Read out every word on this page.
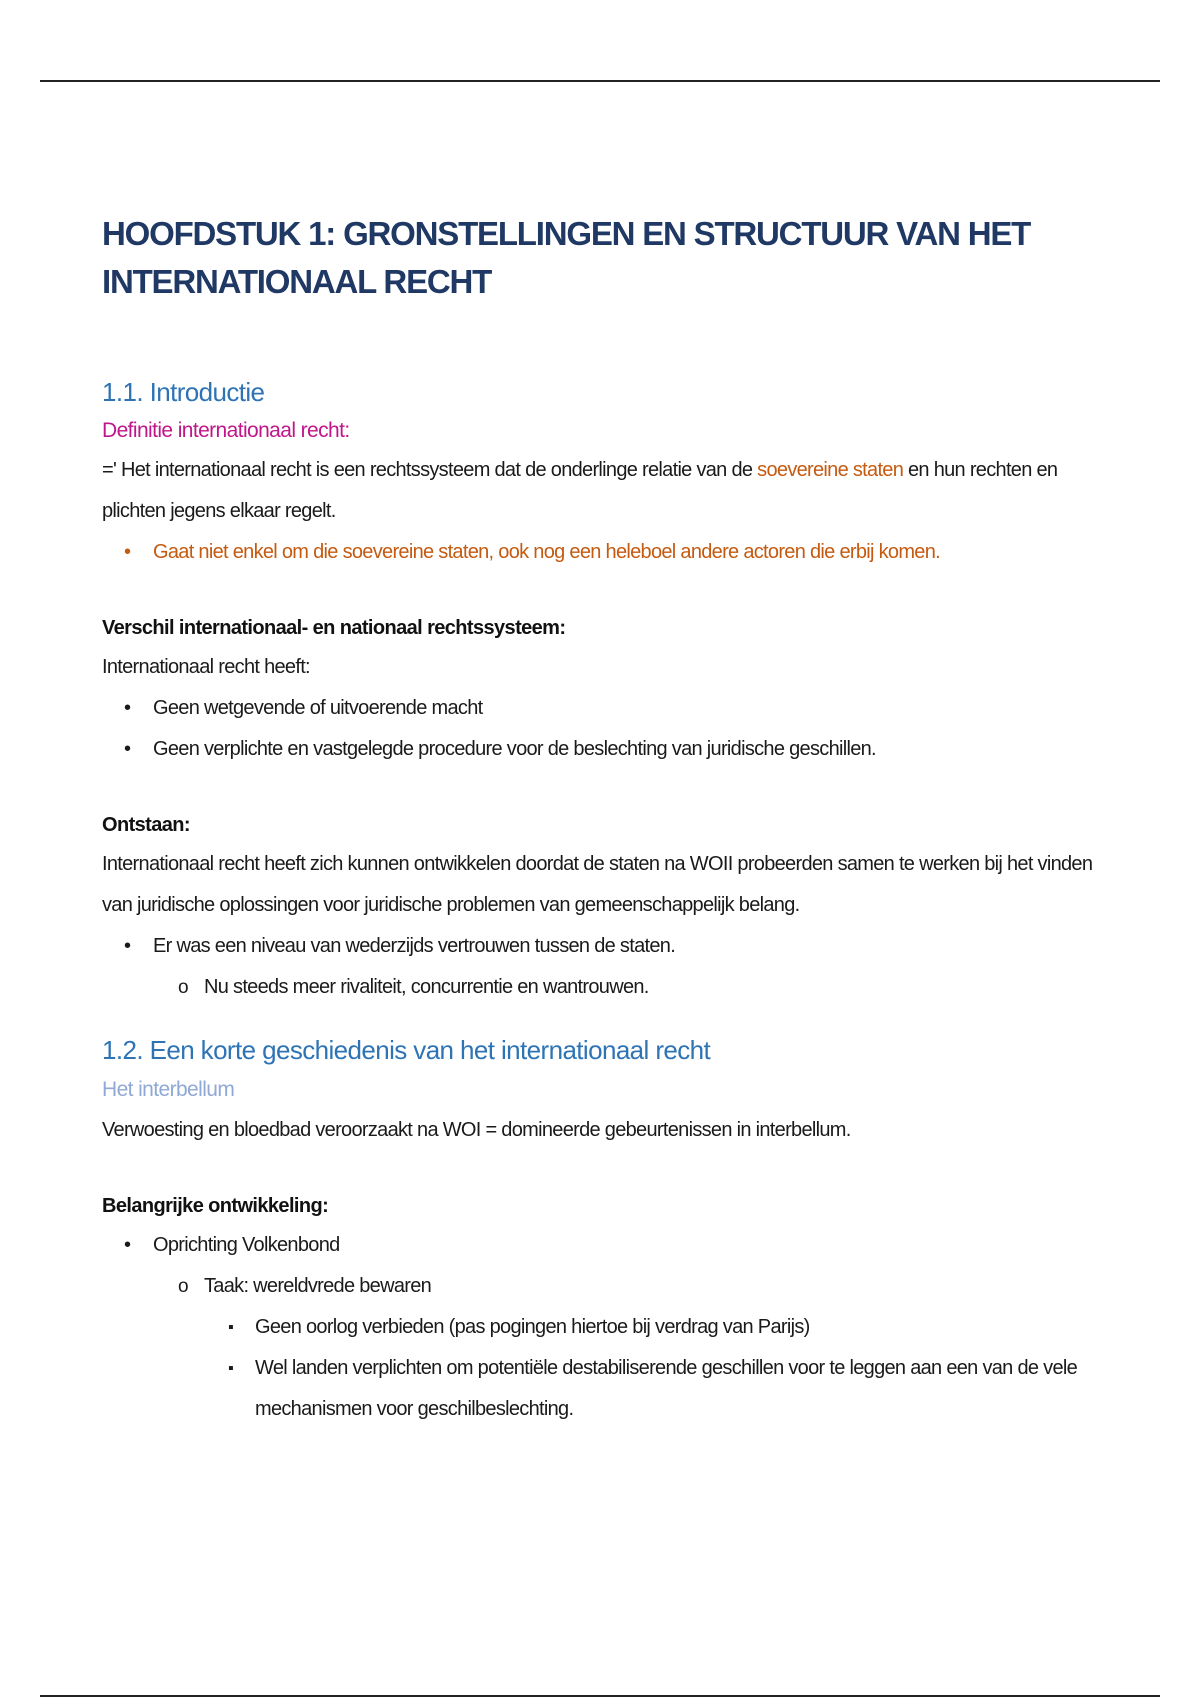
HOOFDSTUK 1: GRONSTELLINGEN EN STRUCTUUR VAN HET INTERNATIONAAL RECHT
1.1. Introductie
Definitie internationaal recht:

=' Het internationaal recht is een rechtssysteem dat de onderlinge relatie van de soevereine staten en hun rechten en plichten jegens elkaar regelt.

• Gaat niet enkel om die soevereine staten, ook nog een heleboel andere actoren die erbij komen.
Verschil internationaal- en nationaal rechtssysteem:

Internationaal recht heeft:

• Geen wetgevende of uitvoerende macht
• Geen verplichte en vastgelegde procedure voor de beslechting van juridische geschillen.
Ontstaan:

Internationaal recht heeft zich kunnen ontwikkelen doordat de staten na WOII probeerden samen te werken bij het vinden van juridische oplossingen voor juridische problemen van gemeenschappelijk belang.

• Er was een niveau van wederzijds vertrouwen tussen de staten.
o Nu steeds meer rivaliteit, concurrentie en wantrouwen.
1.2. Een korte geschiedenis van het internationaal recht
Het interbellum

Verwoesting en bloedbad veroorzaakt na WOI = domineerde gebeurtenissen in interbellum.

Belangrijke ontwikkeling:
• Oprichting Volkenbond
o Taak: wereldvrede bewaren
▪ Geen oorlog verbieden (pas pogingen hiertoe bij verdrag van Parijs)
▪ Wel landen verplichten om potentiële destabiliserende geschillen voor te leggen aan een van de vele mechanismen voor geschilbeslechting.
